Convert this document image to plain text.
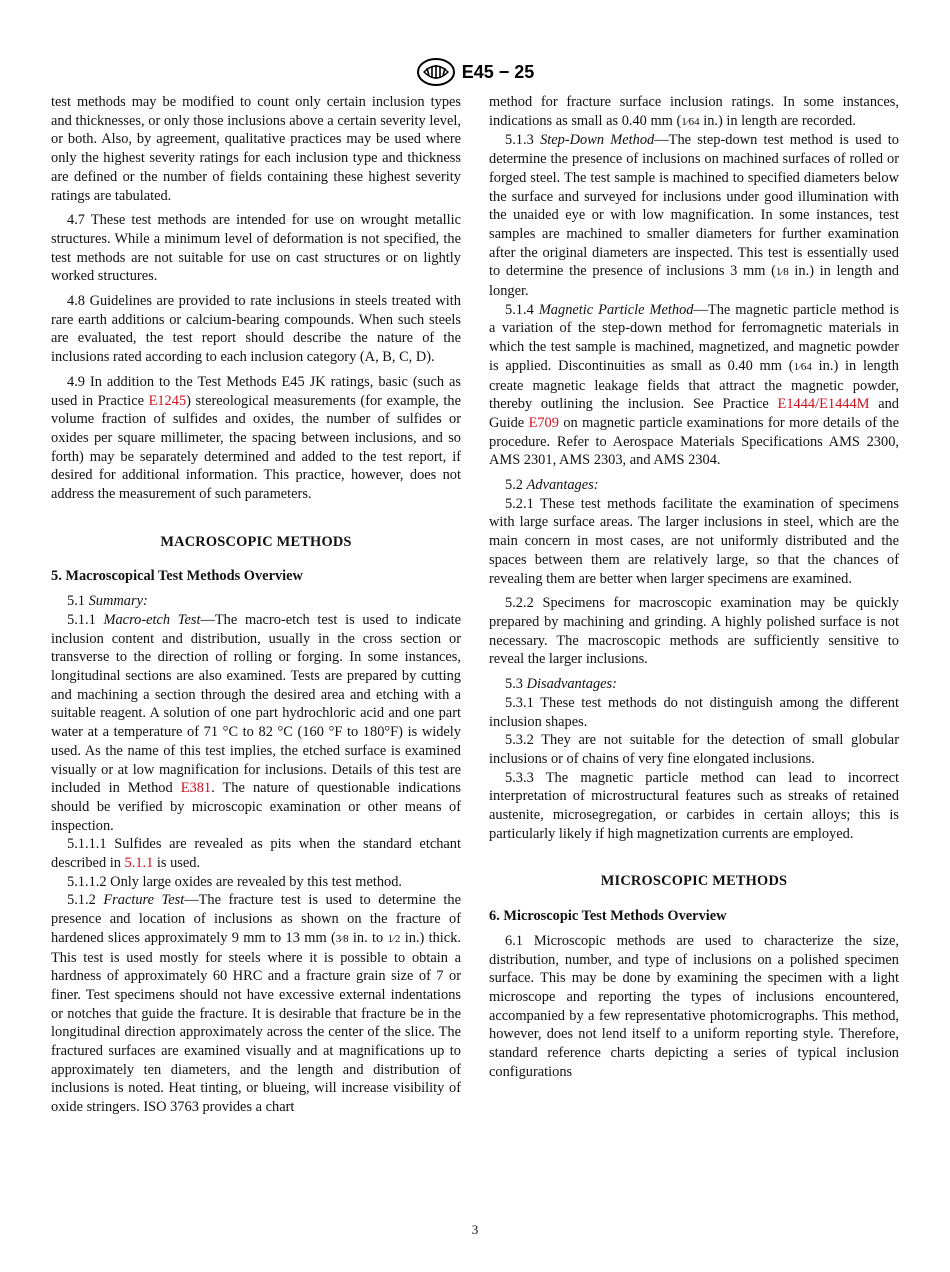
E45 − 25

test methods may be modified to count only certain inclusion types and thicknesses, or only those inclusions above a certain severity level, or both. Also, by agreement, qualitative practices may be used where only the highest severity ratings for each inclusion type and thickness are defined or the number of fields containing these highest severity ratings are tabulated.

4.7 These test methods are intended for use on wrought metallic structures. While a minimum level of deformation is not specified, the test methods are not suitable for use on cast structures or on lightly worked structures.

4.8 Guidelines are provided to rate inclusions in steels treated with rare earth additions or calcium-bearing compounds. When such steels are evaluated, the test report should describe the nature of the inclusions rated according to each inclusion category (A, B, C, D).

4.9 In addition to the Test Methods E45 JK ratings, basic (such as used in Practice E1245) stereological measurements (for example, the volume fraction of sulfides and oxides, the number of sulfides or oxides per square millimeter, the spacing between inclusions, and so forth) may be separately determined and added to the test report, if desired for additional information. This practice, however, does not address the measurement of such parameters.

MACROSCOPIC METHODS
5. Macroscopical Test Methods Overview

5.1 Summary:

5.1.1 Macro-etch Test—The macro-etch test is used to indicate inclusion content and distribution, usually in the cross section or transverse to the direction of rolling or forging. In some instances, longitudinal sections are also examined. Tests are prepared by cutting and machining a section through the desired area and etching with a suitable reagent. A solution of one part hydrochloric acid and one part water at a temperature of 71 °C to 82 °C (160 °F to 180°F) is widely used. As the name of this test implies, the etched surface is examined visually or at low magnification for inclusions. Details of this test are included in Method E381. The nature of questionable indications should be verified by microscopic examination or other means of inspection.

5.1.1.1 Sulfides are revealed as pits when the standard etchant described in 5.1.1 is used.

5.1.1.2 Only large oxides are revealed by this test method.

5.1.2 Fracture Test—The fracture test is used to determine the presence and location of inclusions as shown on the fracture of hardened slices approximately 9 mm to 13 mm (3⁄8 in. to 1⁄2 in.) thick. This test is used mostly for steels where it is possible to obtain a hardness of approximately 60 HRC and a fracture grain size of 7 or finer. Test specimens should not have excessive external indentations or notches that guide the fracture. It is desirable that fracture be in the longitudinal direction approximately across the center of the slice. The fractured surfaces are examined visually and at magnifications up to approximately ten diameters, and the length and distribution of inclusions is noted. Heat tinting, or blueing, will increase visibility of oxide stringers. ISO 3763 provides a chart

method for fracture surface inclusion ratings. In some instances, indications as small as 0.40 mm (1⁄64 in.) in length are recorded.

5.1.3 Step-Down Method—The step-down test method is used to determine the presence of inclusions on machined surfaces of rolled or forged steel. The test sample is machined to specified diameters below the surface and surveyed for inclusions under good illumination with the unaided eye or with low magnification. In some instances, test samples are machined to smaller diameters for further examination after the original diameters are inspected. This test is essentially used to determine the presence of inclusions 3 mm (1⁄8 in.) in length and longer.

5.1.4 Magnetic Particle Method—The magnetic particle method is a variation of the step-down method for ferromagnetic materials in which the test sample is machined, magnetized, and magnetic powder is applied. Discontinuities as small as 0.40 mm (1⁄64 in.) in length create magnetic leakage fields that attract the magnetic powder, thereby outlining the inclusion. See Practice E1444/E1444M and Guide E709 on magnetic particle examinations for more details of the procedure. Refer to Aerospace Materials Specifications AMS 2300, AMS 2301, AMS 2303, and AMS 2304.

5.2 Advantages:

5.2.1 These test methods facilitate the examination of specimens with large surface areas. The larger inclusions in steel, which are the main concern in most cases, are not uniformly distributed and the spaces between them are relatively large, so that the chances of revealing them are better when larger specimens are examined.

5.2.2 Specimens for macroscopic examination may be quickly prepared by machining and grinding. A highly polished surface is not necessary. The macroscopic methods are sufficiently sensitive to reveal the larger inclusions.

5.3 Disadvantages:

5.3.1 These test methods do not distinguish among the different inclusion shapes.

5.3.2 They are not suitable for the detection of small globular inclusions or of chains of very fine elongated inclusions.

5.3.3 The magnetic particle method can lead to incorrect interpretation of microstructural features such as streaks of retained austenite, microsegregation, or carbides in certain alloys; this is particularly likely if high magnetization currents are employed.

MICROSCOPIC METHODS
6. Microscopic Test Methods Overview

6.1 Microscopic methods are used to characterize the size, distribution, number, and type of inclusions on a polished specimen surface. This may be done by examining the specimen with a light microscope and reporting the types of inclusions encountered, accompanied by a few representative photomicrographs. This method, however, does not lend itself to a uniform reporting style. Therefore, standard reference charts depicting a series of typical inclusion configurations

3
